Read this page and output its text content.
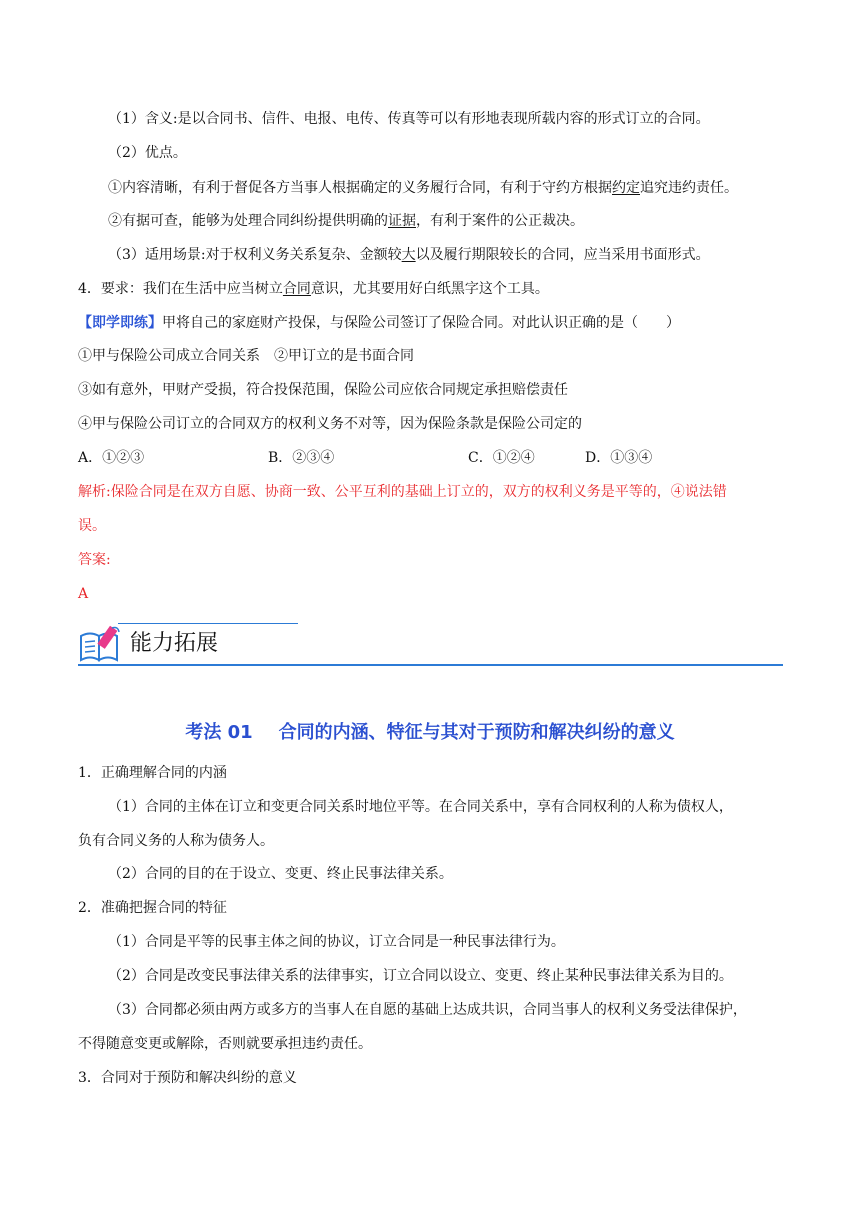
（1）含义:是以合同书、信件、电报、电传、传真等可以有形地表现所载内容的形式订立的合同。
（2）优点。
①内容清晰，有利于督促各方当事人根据确定的义务履行合同，有利于守约方根据约定追究违约责任。
②有据可查，能够为处理合同纠纷提供明确的证据，有利于案件的公正裁决。
（3）适用场景:对于权利义务关系复杂、金额较大以及履行期限较长的合同，应当采用书面形式。
4．要求：我们在生活中应当树立合同意识，尤其要用好白纸黑字这个工具。
【即学即练】甲将自己的家庭财产投保，与保险公司签订了保险合同。对此认识正确的是（　　）
①甲与保险公司成立合同关系　②甲订立的是书面合同
③如有意外，甲财产受损，符合投保范围，保险公司应依合同规定承担赔偿责任
④甲与保险公司订立的合同双方的权利义务不对等，因为保险条款是保险公司定的
A．①②③	B．②③④	C．①②④	D．①③④
解析:保险合同是在双方自愿、协商一致、公平互利的基础上订立的，双方的权利义务是平等的，④说法错
误。
答案:
A
能力拓展
考法 01 合同的内涵、特征与其对于预防和解决纠纷的意义
1．正确理解合同的内涵
（1）合同的主体在订立和变更合同关系时地位平等。在合同关系中，享有合同权利的人称为债权人，
负有合同义务的人称为债务人。
（2）合同的目的在于设立、变更、终止民事法律关系。
2．准确把握合同的特征
（1）合同是平等的民事主体之间的协议，订立合同是一种民事法律行为。
（2）合同是改变民事法律关系的法律事实，订立合同以设立、变更、终止某种民事法律关系为目的。
（3）合同都必须由两方或多方的当事人在自愿的基础上达成共识，合同当事人的权利义务受法律保护，
不得随意变更或解除，否则就要承担违约责任。
3．合同对于预防和解决纠纷的意义
